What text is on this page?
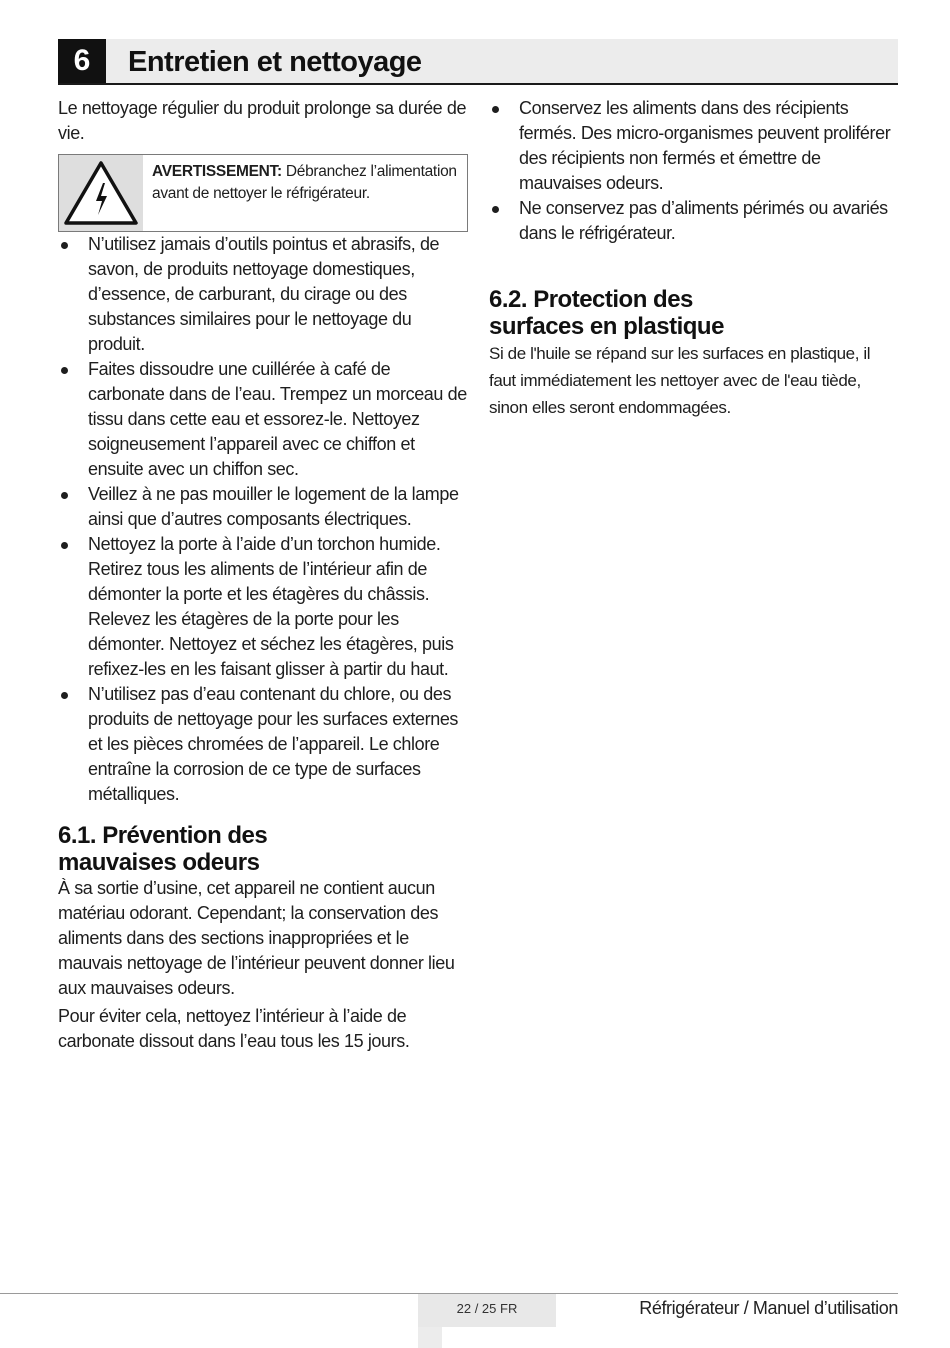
6	Entretien et nettoyage

Le nettoyage régulier du produit prolonge sa durée de vie.

AVERTISSEMENT: Débranchez l’alimentation avant de nettoyer le réfrigérateur.
N’utilisez jamais d’outils pointus et abrasifs, de savon, de produits nettoyage domestiques, d’essence, de carburant, du cirage ou des substances similaires pour le nettoyage du produit.
Faites dissoudre une cuillérée à café de carbonate dans de l’eau. Trempez un morceau de tissu dans cette eau et essorez-le. Nettoyez soigneusement l’appareil avec ce chiffon et ensuite avec un chiffon sec.
Veillez à ne pas mouiller le logement de la lampe ainsi que d’autres composants électriques.
Nettoyez la porte à l’aide d’un torchon humide. Retirez tous les aliments de l’intérieur afin de démonter la porte et les étagères du châssis. Relevez les étagères de la porte pour les démonter. Nettoyez et séchez les étagères, puis refixez-les en les faisant glisser à partir du haut.
N’utilisez pas d’eau contenant du chlore, ou des produits de nettoyage pour les surfaces externes et les pièces chromées de l’appareil. Le chlore entraîne la corrosion de ce type de surfaces métalliques.
6.1. Prévention des
mauvaises odeurs

À sa sortie d’usine, cet appareil ne contient aucun matériau odorant. Cependant; la conservation des aliments dans des sections inappropriées et le mauvais nettoyage de l’intérieur peuvent donner lieu aux mauvaises odeurs.

Pour éviter cela, nettoyez l’intérieur à l’aide de carbonate dissout dans l’eau tous les 15 jours.

Conservez les aliments dans des récipients fermés. Des micro-organismes peuvent proliférer des récipients non fermés et émettre de mauvaises odeurs.
Ne conservez pas d’aliments périmés ou avariés dans le réfrigérateur.
6.2. Protection des
surfaces en plastique

Si de l'huile se répand sur les surfaces en plastique, il faut immédiatement les nettoyer avec de l'eau tiède, sinon elles seront endommagées.

22 / 25 FR	Réfrigérateur / Manuel d’utilisation
